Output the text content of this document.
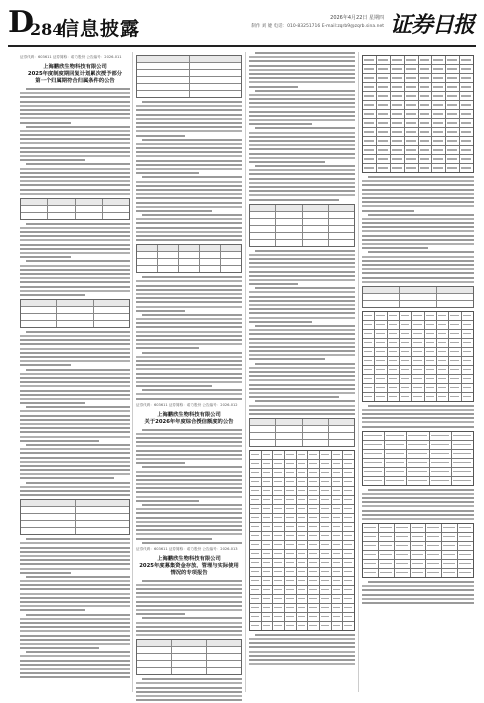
D
284
信息披露	2026年4月22日 星期四
制作 刘 婕 电话：010-83251716 E-mail:zqrb9@zqrb.sina.net 证券日报
证券代码：603611 证券简称：诺力股份 公告编号：2026-011
上海鹏欣生物科技有限公司
2025年度制度期回复计划累次授予部分
第一个归属期符合归属条件的公告
证券代码：603611 证券简称：诺力股份 公告编号：2026-012
上海鹏欣生物科技有限公司
关于2026年年度综合授信额度的公告
证券代码：603611 证券简称：诺力股份 公告编号：2026-013
上海鹏欣生物科技有限公司
2025年度募集资金存放、管理与实际使用
情况的专项报告
